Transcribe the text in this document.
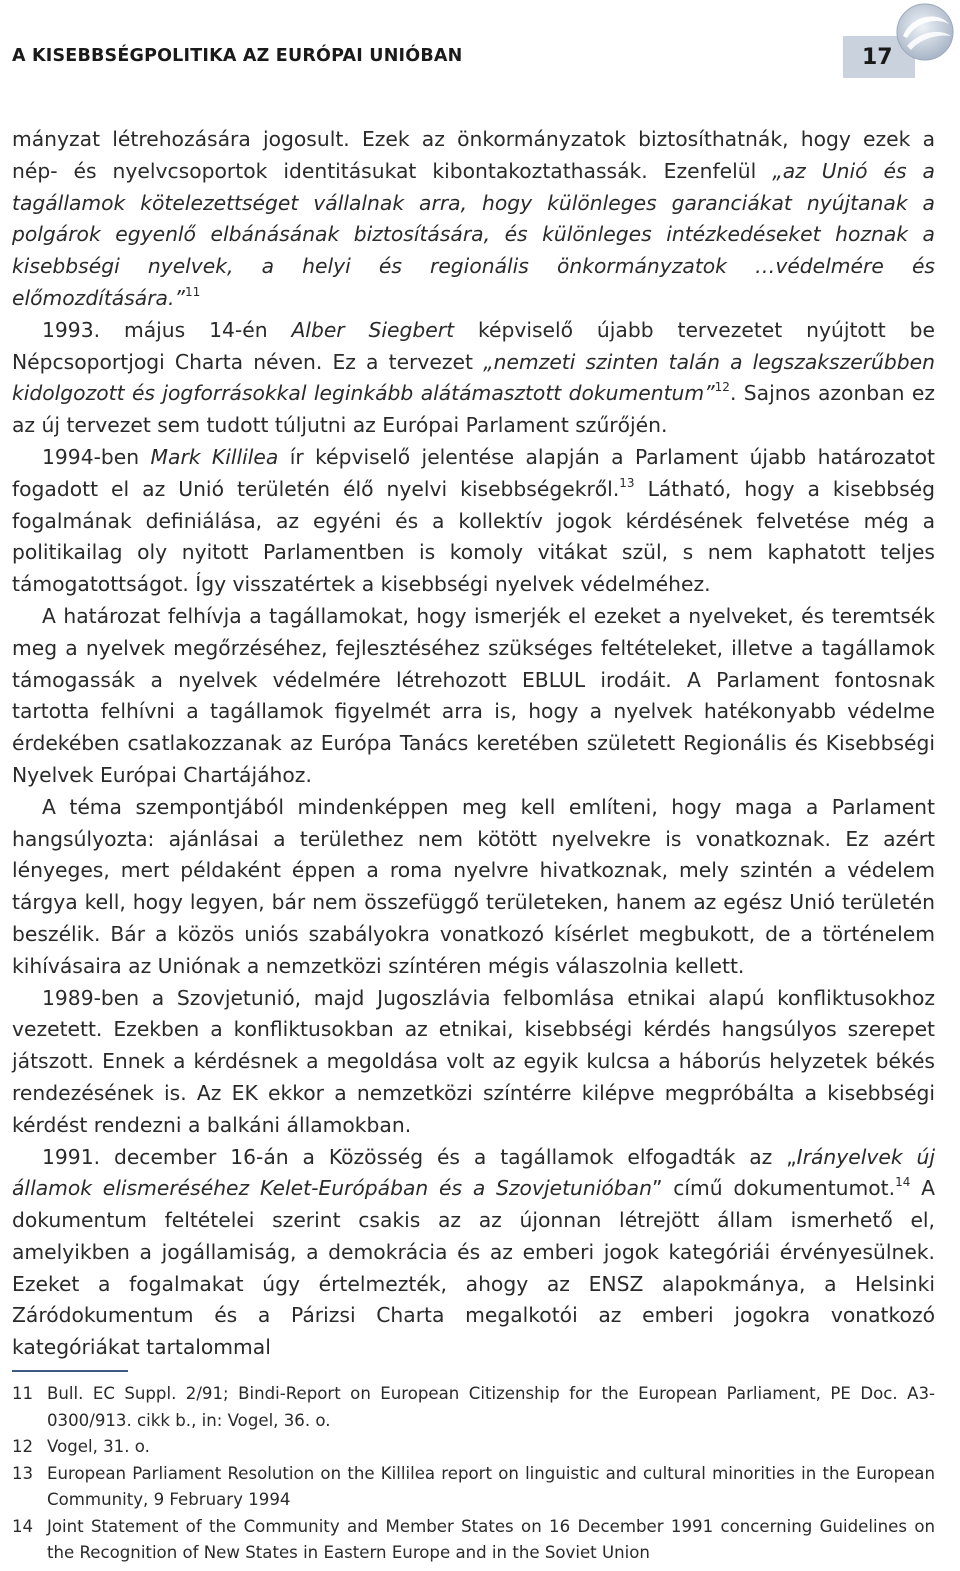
A KISEBBSÉGPOLITIKA AZ EURÓPAI UNIÓBAN	17

mányzat létrehozására jogosult. Ezek az önkormányzatok biztosíthatnák, hogy ezek a nép- és nyelvcsoportok identitásukat kibontakoztathassák. Ezenfelül „az Unió és a tagállamok kötelezettséget vállalnak arra, hogy különleges garanciákat nyújtanak a polgárok egyenlő elbánásának biztosítására, és különleges intézkedéseket hoznak a kisebbségi nyelvek, a helyi és regionális önkormányzatok …védelmére és előmozdítására.”$^{11}$

1993. május 14-én Alber Siegbert képviselő újabb tervezetet nyújtott be Népcsoportjogi Charta néven. Ez a tervezet „nemzeti szinten talán a legszakszerűbben kidolgozott és jogforrásokkal leginkább alátámasztott dokumentum”$^{12}$. Sajnos azonban ez az új tervezet sem tudott túljutni az Európai Parlament szűrőjén.

1994-ben Mark Killilea ír képviselő jelentése alapján a Parlament újabb határozatot fogadott el az Unió területén élő nyelvi kisebbségekről.$^{13}$ Látható, hogy a kisebbség fogalmának definiálása, az egyéni és a kollektív jogok kérdésének felvetése még a politikailag oly nyitott Parlamentben is komoly vitákat szül, s nem kaphatott teljes támogatottságot. Így visszatértek a kisebbségi nyelvek védelméhez.

A határozat felhívja a tagállamokat, hogy ismerjék el ezeket a nyelveket, és teremtsék meg a nyelvek megőrzéséhez, fejlesztéséhez szükséges feltételeket, illetve a tagállamok támogassák a nyelvek védelmére létrehozott EBLUL irodáit. A Parlament fontosnak tartotta felhívni a tagállamok figyelmét arra is, hogy a nyelvek hatékonyabb védelme érdekében csatlakozzanak az Európa Tanács keretében született Regionális és Kisebbségi Nyelvek Európai Chartájához.

A téma szempontjából mindenképpen meg kell említeni, hogy maga a Parlament hangsúlyozta: ajánlásai a területhez nem kötött nyelvekre is vonatkoznak. Ez azért lényeges, mert példaként éppen a roma nyelvre hivatkoznak, mely szintén a védelem tárgya kell, hogy legyen, bár nem összefüggő területeken, hanem az egész Unió területén beszélik. Bár a közös uniós szabályokra vonatkozó kísérlet megbukott, de a történelem kihívásaira az Uniónak a nemzetközi színtéren mégis válaszolnia kellett.

1989-ben a Szovjetunió, majd Jugoszlávia felbomlása etnikai alapú konfliktusokhoz vezetett. Ezekben a konfliktusokban az etnikai, kisebbségi kérdés hangsúlyos szerepet játszott. Ennek a kérdésnek a megoldása volt az egyik kulcsa a háborús helyzetek békés rendezésének is. Az EK ekkor a nemzetközi színtérre kilépve megpróbálta a kisebbségi kérdést rendezni a balkáni államokban.

1991. december 16-án a Közösség és a tagállamok elfogadták az „Irányelvek új államok elismeréséhez Kelet-Európában és a Szovjetunióban” című dokumentumot.$^{14}$ A dokumentum feltételei szerint csakis az az újonnan létrejött állam ismerhető el, amelyikben a jogállamiság, a demokrácia és az emberi jogok kategóriái érvényesülnek. Ezeket a fogalmakat úgy értelmezték, ahogy az ENSZ alapokmánya, a Helsinki Záródokumentum és a Párizsi Charta megalkotói az emberi jogokra vonatkozó kategóriákat tartalommal

11 Bull. EC Suppl. 2/91; Bindi-Report on European Citizenship for the European Parliament, PE Doc. A3-0300/913. cikk b., in: Vogel, 36. o.
12 Vogel, 31. o.
13 European Parliament Resolution on the Killilea report on linguistic and cultural minorities in the European Community, 9 February 1994
14 Joint Statement of the Community and Member States on 16 December 1991 concerning Guidelines on the Recognition of New States in Eastern Europe and in the Soviet Union
